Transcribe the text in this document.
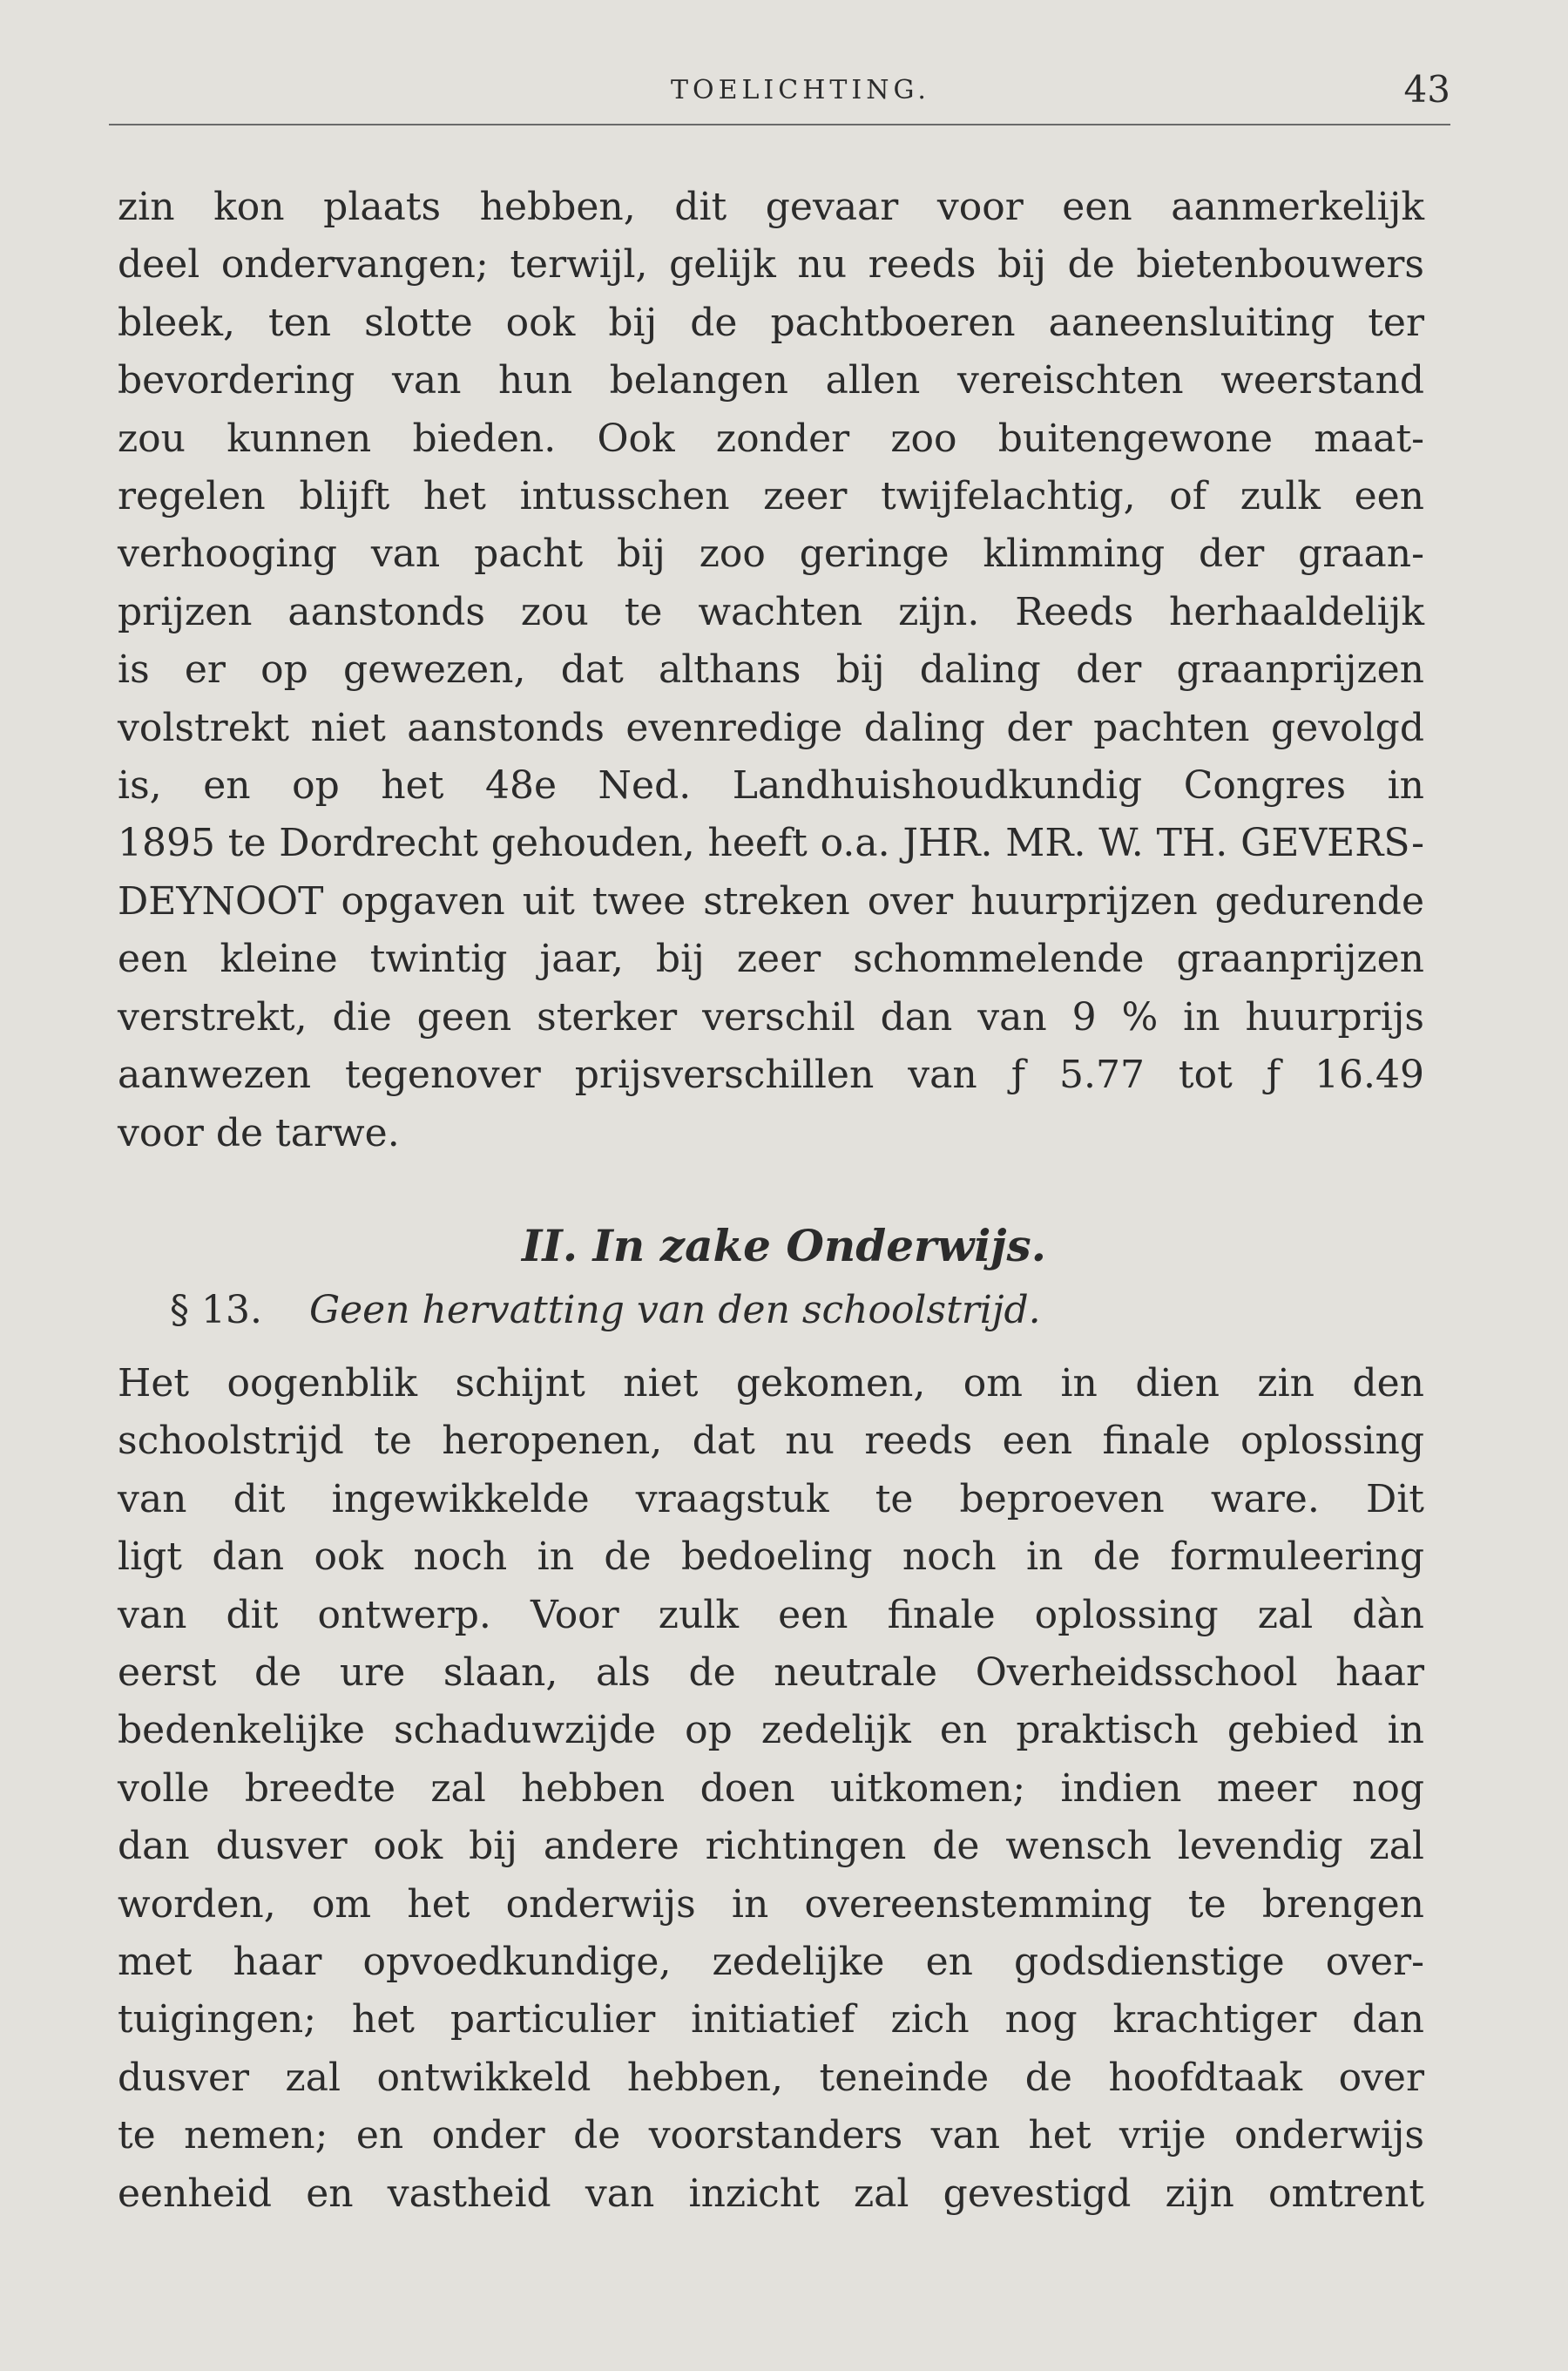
TOELICHTING.	43
zin kon plaats hebben, dit gevaar voor een aanmerkelijk
deel ondervangen; terwijl, gelijk nu reeds bij de bietenbouwers
bleek, ten slotte ook bij de pachtboeren aaneensluiting ter
bevordering van hun belangen allen vereischten weerstand
zou kunnen bieden. Ook zonder zoo buitengewone maat-
regelen blijft het intusschen zeer twijfelachtig, of zulk een
verhooging van pacht bij zoo geringe klimming der graan-
prijzen aanstonds zou te wachten zijn. Reeds herhaaldelijk
is er op gewezen, dat althans bij daling der graanprijzen
volstrekt niet aanstonds evenredige daling der pachten gevolgd
is, en op het 48e Ned. Landhuishoudkundig Congres in
1895 te Dordrecht gehouden, heeft o.a. JHR. MR. W. TH. GEVERS-
DEYNOOT opgaven uit twee streken over huurprijzen gedurende
een kleine twintig jaar, bij zeer schommelende graanprijzen
verstrekt, die geen sterker verschil dan van 9 % in huurprijs
aanwezen tegenover prijsverschillen van ƒ 5.77 tot ƒ 16.49
voor de tarwe.
II. In zake Onderwijs.
§ 13. Geen hervatting van den schoolstrijd.
Het oogenblik schijnt niet gekomen, om in dien zin den
schoolstrijd te heropenen, dat nu reeds een finale oplossing
van dit ingewikkelde vraagstuk te beproeven ware. Dit
ligt dan ook noch in de bedoeling noch in de formuleering
van dit ontwerp. Voor zulk een finale oplossing zal dàn
eerst de ure slaan, als de neutrale Overheidsschool haar
bedenkelijke schaduwzijde op zedelijk en praktisch gebied in
volle breedte zal hebben doen uitkomen; indien meer nog
dan dusver ook bij andere richtingen de wensch levendig zal
worden, om het onderwijs in overeenstemming te brengen
met haar opvoedkundige, zedelijke en godsdienstige over-
tuigingen; het particulier initiatief zich nog krachtiger dan
dusver zal ontwikkeld hebben, teneinde de hoofdtaak over
te nemen; en onder de voorstanders van het vrije onderwijs
eenheid en vastheid van inzicht zal gevestigd zijn omtrent
